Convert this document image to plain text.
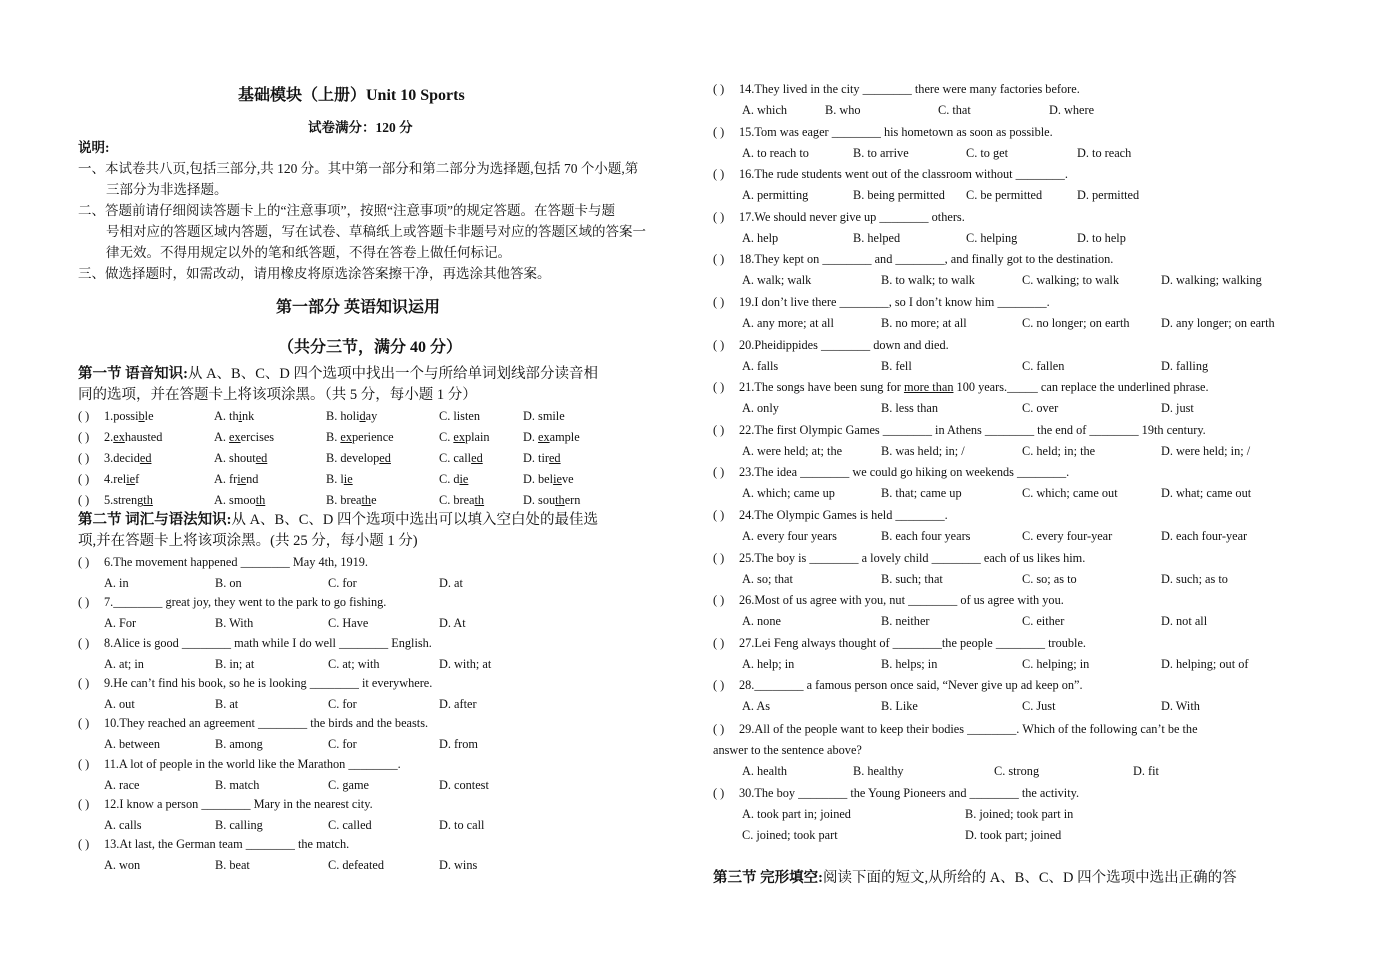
基础模块（上册）Unit 10 Sports
试卷满分：120 分
说明:
一、本试卷共八页,包括三部分,共 120 分。其中第一部分和第二部分为选择题,包括 70 个小题,第
三部分为非选择题。
二、答题前请仔细阅读答题卡上的“注意事项”，按照“注意事项”的规定答题。在答题卡与题
号相对应的答题区域内答题，写在试卷、草稿纸上或答题卡非题号对应的答题区域的答案一
律无效。不得用规定以外的笔和纸答题，不得在答卷上做任何标记。
三、做选择题时，如需改动，请用橡皮将原选涂答案擦干净，再选涂其他答案。
第一部分 英语知识运用
（共分三节，满分 40 分）
第一节 语音知识:从 A、B、C、D 四个选项中找出一个与所给单词划线部分读音相
同的选项，并在答题卡上将该项涂黑。（共 5 分，每小题 1 分）
( ) 1.possible	A. think	B. holiday	C. listen	D. smile
( ) 2.exhausted	A. exercises	B. experience	C. explain	D. example
( ) 3.decided	A. shouted	B. developed	C. called	D. tired
( ) 4.relief	A. friend	B. lie	C. die	D. believe
( ) 5.strength	A. smooth	B. breathe	C. breath	D. southern
第二节 词汇与语法知识:从 A、B、C、D 四个选项中选出可以填入空白处的最佳选
项,并在答题卡上将该项涂黑。(共 25 分，每小题 1 分)
( ) 6.The movement happened ________ May 4th, 1919.
A. in	B. on	C. for	D. at
( ) 7.________ great joy, they went to the park to go fishing.
A. For	B. With	C. Have	D. At
( ) 8.Alice is good ________ math while I do well ________ English.
A. at; in	B. in; at	C. at; with	D. with; at
( ) 9.He can’t find his book, so he is looking ________ it everywhere.
A. out	B. at	C. for	D. after
( ) 10.They reached an agreement ________ the birds and the beasts.
A. between	B. among	C. for	D. from
( ) 11.A lot of people in the world like the Marathon ________.
A. race	B. match	C. game	D. contest
( ) 12.I know a person ________ Mary in the nearest city.
A. calls	B. calling	C. called	D. to call
( ) 13.At last, the German team ________ the match.
A. won	B. beat	C. defeated	D. wins
( ) 14.They lived in the city ________ there were many factories before.
A. which	B. who	C. that	D. where
( ) 15.Tom was eager ________ his hometown as soon as possible.
A. to reach to	B. to arrive	C. to get	D. to reach
( ) 16.The rude students went out of the classroom without ________.
A. permitting	B. being permitted C. be permitted	D. permitted
( ) 17.We should never give up ________ others.
A. help	B. helped	C. helping	D. to help
( ) 18.They kept on ________ and ________, and finally got to the destination.
A. walk; walk	B. to walk; to walk	C. walking; to walk	D. walking; walking
( ) 19.I don’t live there ________, so I don’t know him ________.
A. any more; at all	B. no more; at all	C. no longer; on earth	D. any longer; on earth
( ) 20.Pheidippides ________ down and died.
A. falls	B. fell	C. fallen	D. falling
( ) 21.The songs have been sung for more than 100 years._____ can replace the underlined phrase.
A. only	B. less than	C. over	D. just
( ) 22.The first Olympic Games ________ in Athens ________ the end of ________ 19th century.
A. were held; at; the	B. was held; in; /	C. held; in; the	D. were held; in; /
( ) 23.The idea ________ we could go hiking on weekends ________.
A. which; came up	B. that; came up	C. which; came out	D. what; came out
( ) 24.The Olympic Games is held ________.
A. every four years	B. each four years	C. every four-year	D. each four-year
( ) 25.The boy is ________ a lovely child ________ each of us likes him.
A. so; that	B. such; that	C. so; as to	D. such; as to
( ) 26.Most of us agree with you, nut ________ of us agree with you.
A. none	B. neither	C. either	D. not all
( ) 27.Lei Feng always thought of ________the people ________ trouble.
A. help; in	B. helps; in	C. helping; in	D. helping; out of
( ) 28.________ a famous person once said, “Never give up ad keep on”.
A. As	B. Like	C. Just	D. With
( ) 29.All of the people want to keep their bodies ________. Which of the following can’t be the
answer to the sentence above?
A. health	B. healthy	C. strong	D. fit
( ) 30.The boy ________ the Young Pioneers and ________ the activity.
A. took part in; joined	B. joined; took part in
C. joined; took part	D. took part; joined
第三节 完形填空:阅读下面的短文,从所给的 A、B、C、D 四个选项中选出正确的答
